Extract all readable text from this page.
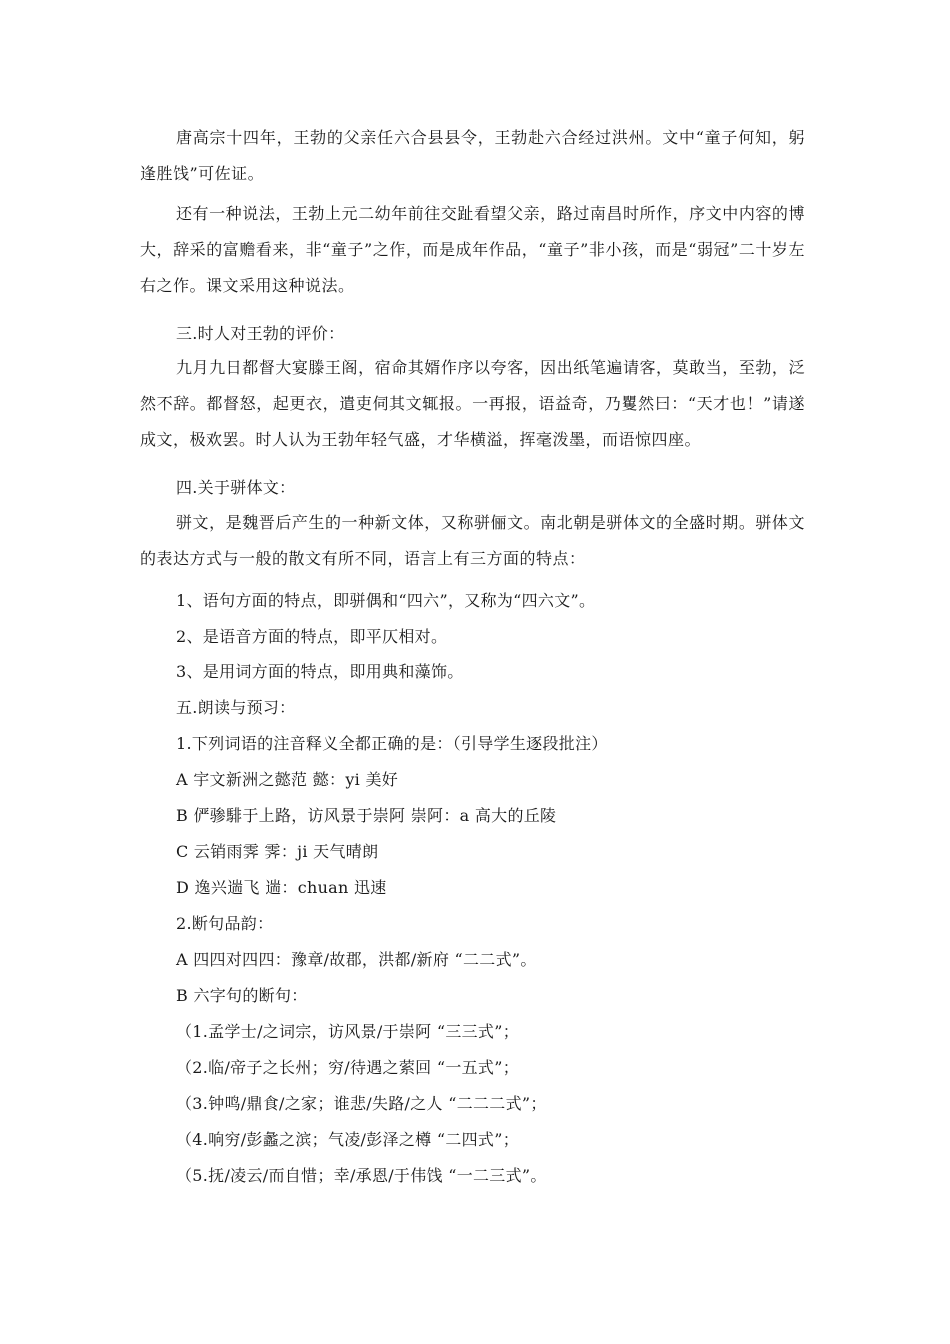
唐高宗十四年，王勃的父亲任六合县县令，王勃赴六合经过洪州。文中“童子何知，躬逢胜饯”可佐证。
还有一种说法，王勃上元二幼年前往交趾看望父亲，路过南昌时所作，序文中内容的博大，辞采的富赡看来，非“童子”之作，而是成年作品，“童子”非小孩，而是“弱冠”二十岁左右之作。课文采用这种说法。
三.时人对王勃的评价：
九月九日都督大宴滕王阁，宿命其婿作序以夸客，因出纸笔遍请客，莫敢当，至勃，泛然不辞。都督怒，起更衣，遣吏伺其文辄报。一再报，语益奇，乃矍然曰：“天才也！”请遂成文，极欢罢。时人认为王勃年轻气盛，才华横溢，挥毫泼墨，而语惊四座。
四.关于骈体文：
骈文，是魏晋后产生的一种新文体，又称骈俪文。南北朝是骈体文的全盛时期。骈体文的表达方式与一般的散文有所不同，语言上有三方面的特点：
1、语句方面的特点，即骈偶和“四六”，又称为“四六文”。
2、是语音方面的特点，即平仄相对。
3、是用词方面的特点，即用典和藻饰。
五.朗读与预习：
1.下列词语的注音释义全都正确的是：（引导学生逐段批注）
A 宇文新洲之懿范 懿：yi 美好
B 俨骖騑于上路，访风景于崇阿 崇阿：a 高大的丘陵
C 云销雨霁 霁：ji 天气晴朗
D 逸兴遄飞 遄：chuan 迅速
2.断句品韵：
A 四四对四四：豫章/故郡，洪都/新府 “二二式”。
B 六字句的断句：
（1.孟学士/之词宗，访风景/于崇阿 “三三式”；
（2.临/帝子之长州；穷/待遇之萦回 “一五式”；
（3.钟鸣/鼎食/之家；谁悲/失路/之人 “二二二式”；
（4.响穷/彭蠡之滨；气凌/彭泽之樽 “二四式”；
（5.抚/凌云/而自惜；幸/承恩/于伟饯 “一二三式”。
